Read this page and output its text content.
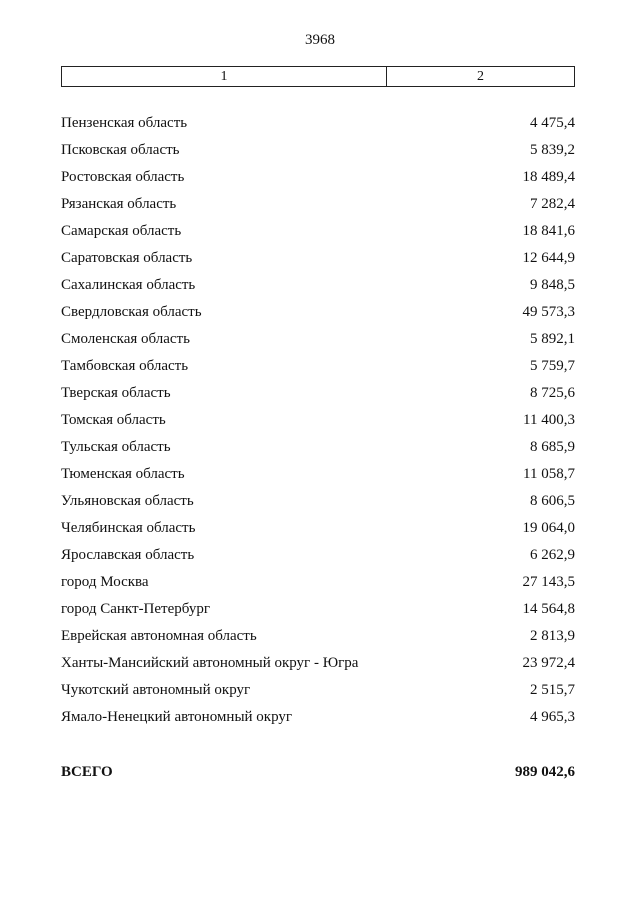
3968
1	2
Пензенская область	4 475,4
Псковская область	5 839,2
Ростовская область	18 489,4
Рязанская область	7 282,4
Самарская область	18 841,6
Саратовская область	12 644,9
Сахалинская область	9 848,5
Свердловская область	49 573,3
Смоленская область	5 892,1
Тамбовская область	5 759,7
Тверская область	8 725,6
Томская область	11 400,3
Тульская область	8 685,9
Тюменская область	11 058,7
Ульяновская область	8 606,5
Челябинская область	19 064,0
Ярославская область	6 262,9
город Москва	27 143,5
город Санкт-Петербург	14 564,8
Еврейская автономная область	2 813,9
Ханты-Мансийский автономный округ - Югра	23 972,4
Чукотский автономный округ	2 515,7
Ямало-Ненецкий автономный округ	4 965,3
ВСЕГО	989 042,6
